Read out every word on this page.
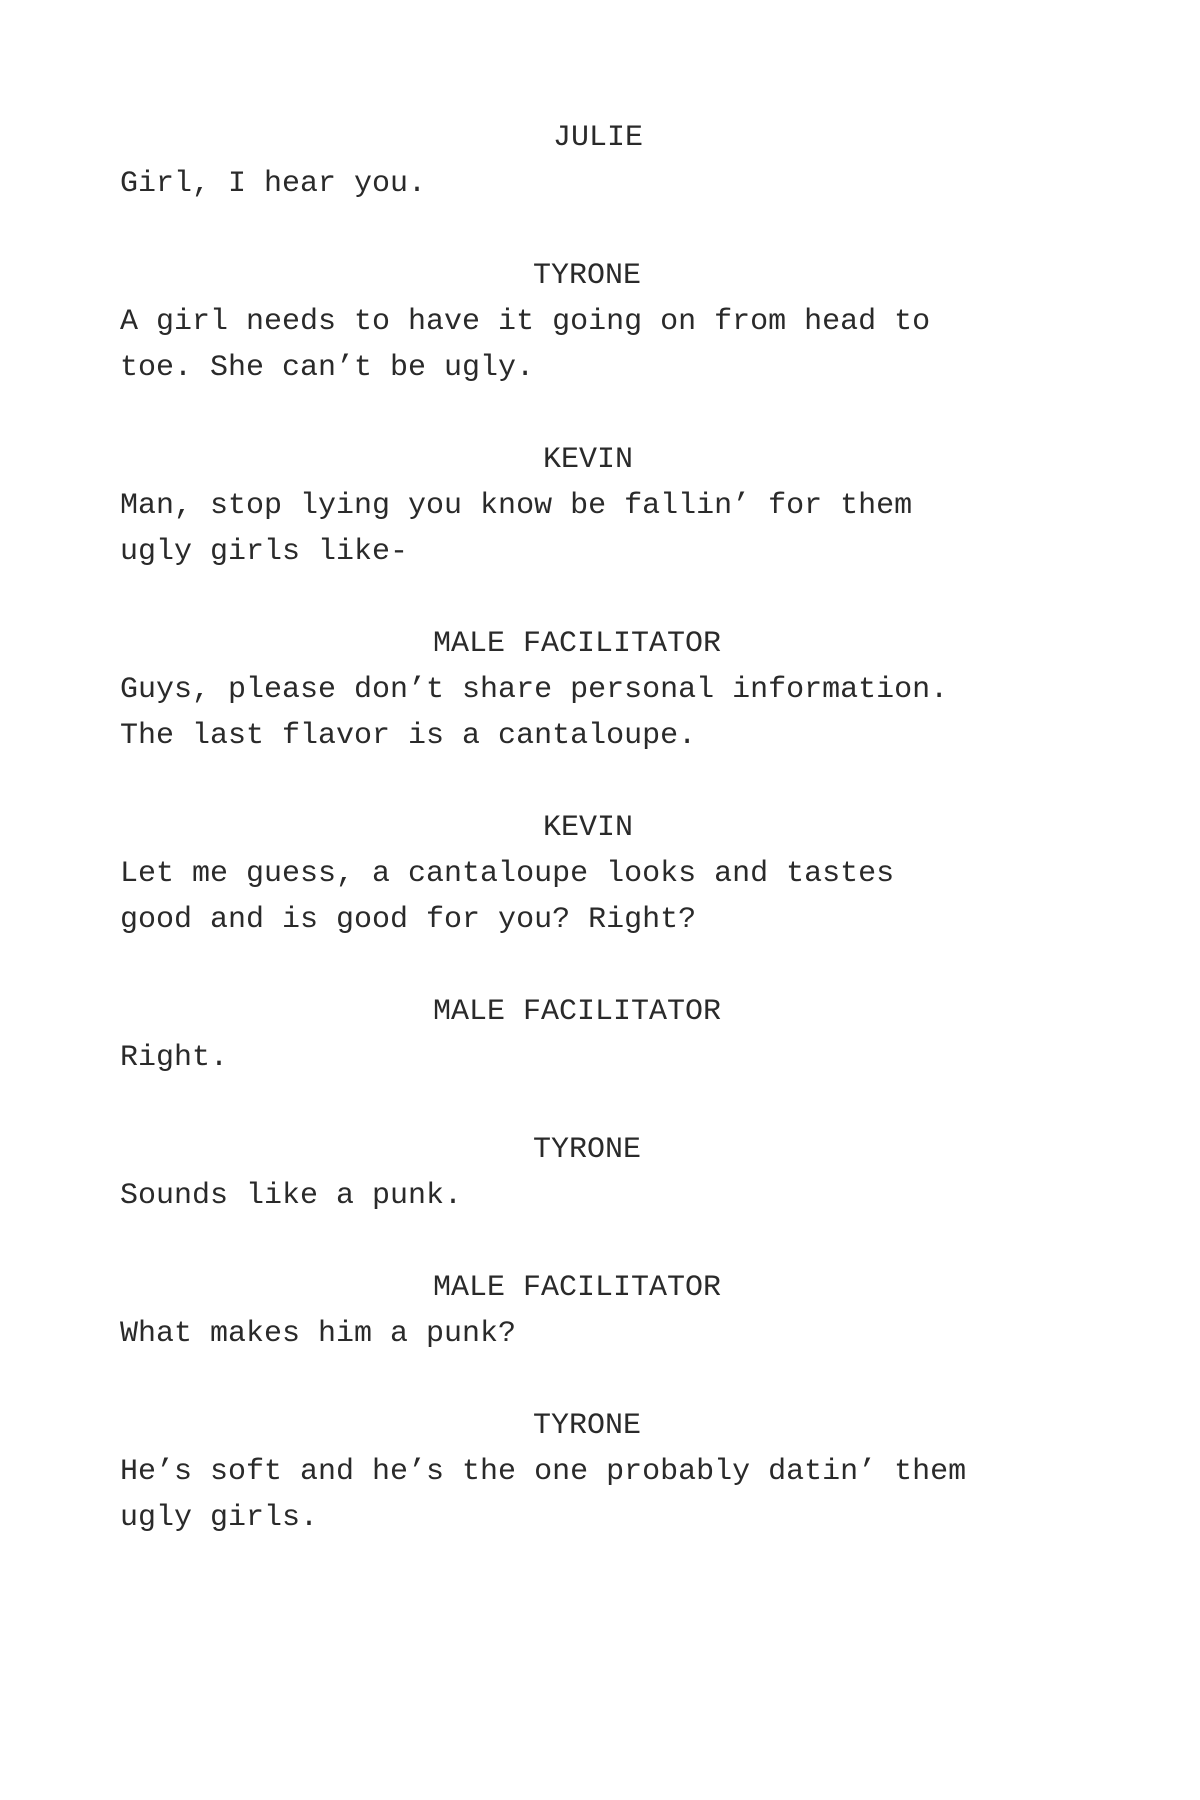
JULIE
Girl, I hear you.
TYRONE
A girl needs to have it going on from head to
toe. She can’t be ugly.
KEVIN
Man, stop lying you know be fallin’ for them
ugly girls like-
MALE FACILITATOR
Guys, please don’t share personal information.
The last flavor is a cantaloupe.
KEVIN
Let me guess, a cantaloupe looks and tastes
good and is good for you? Right?
MALE FACILITATOR
Right.
TYRONE
Sounds like a punk.
MALE FACILITATOR
What makes him a punk?
TYRONE
He’s soft and he’s the one probably datin’ them
ugly girls.
